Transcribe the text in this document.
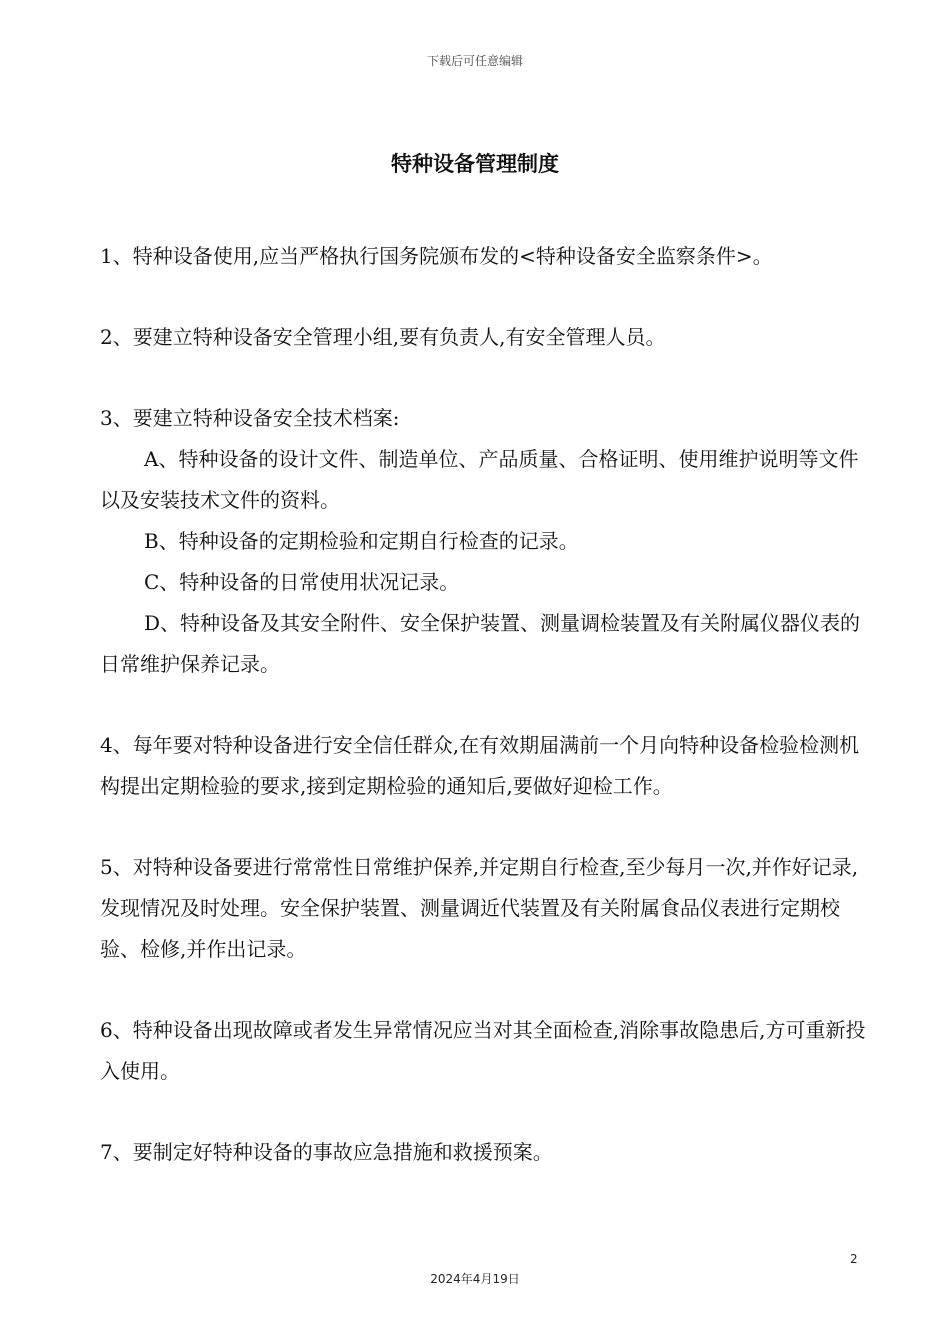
下载后可任意编辑
特种设备管理制度

1、特种设备使用,应当严格执行国务院颁布发的<特种设备安全监察条件>。

2、要建立特种设备安全管理小组,要有负责人,有安全管理人员。

3、要建立特种设备安全技术档案:

A、特种设备的设计文件、制造单位、产品质量、合格证明、使用维护说明等文件以及安装技术文件的资料。

B、特种设备的定期检验和定期自行检查的记录。

C、特种设备的日常使用状况记录。

D、特种设备及其安全附件、安全保护装置、测量调检装置及有关附属仪器仪表的日常维护保养记录。

4、每年要对特种设备进行安全信任群众,在有效期届满前一个月向特种设备检验检测机构提出定期检验的要求,接到定期检验的通知后,要做好迎检工作。

5、对特种设备要进行常常性日常维护保养,并定期自行检查,至少每月一次,并作好记录,发现情况及时处理。安全保护装置、测量调近代装置及有关附属食品仪表进行定期校验、检修,并作出记录。

6、特种设备出现故障或者发生异常情况应当对其全面检查,消除事故隐患后,方可重新投入使用。

7、要制定好特种设备的事故应急措施和救援预案。

2
2024年4月19日
